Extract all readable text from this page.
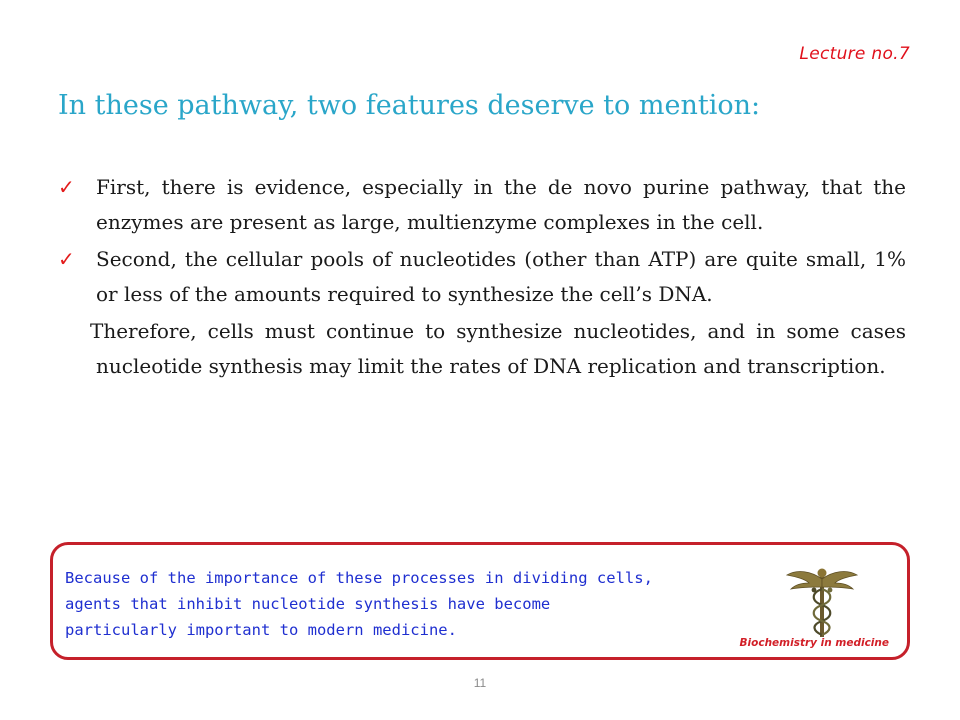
Lecture no.7
In these pathway, two features deserve to mention:
✓ First, there is evidence, especially in the de novo purine pathway, that the enzymes are present as large, multienzyme complexes in the cell.
✓ Second, the cellular pools of nucleotides (other than ATP) are quite small, 1% or less of the amounts required to synthesize the cell’s DNA.
Therefore, cells must continue to synthesize nucleotides, and in some cases nucleotide synthesis may limit the rates of DNA replication and transcription.
Because of the importance of these processes in dividing cells,
agents that inhibit nucleotide synthesis have become
particularly important to modern medicine.
Biochemistry in medicine
11
